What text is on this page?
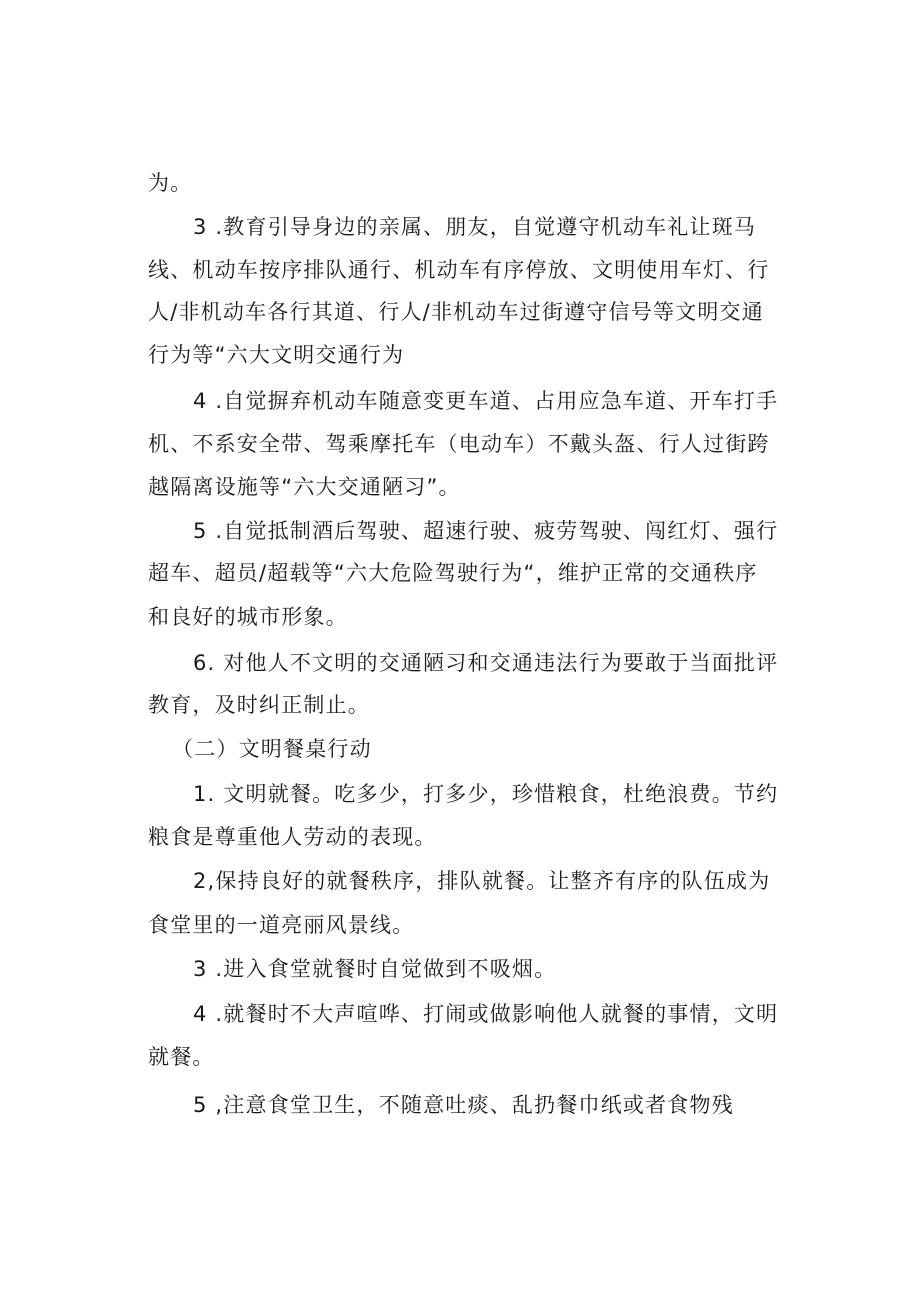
为。
3 .教育引导身边的亲属、朋友，自觉遵守机动车礼让斑马
线、机动车按序排队通行、机动车有序停放、文明使用车灯、行
人/非机动车各行其道、行人/非机动车过街遵守信号等文明交通
行为等“六大文明交通行为
4 .自觉摒弃机动车随意变更车道、占用应急车道、开车打手
机、不系安全带、驾乘摩托车（电动车）不戴头盔、行人过街跨
越隔离设施等“六大交通陋习”。
5 .自觉抵制酒后驾驶、超速行驶、疲劳驾驶、闯红灯、强行
超车、超员/超载等“六大危险驾驶行为“，维护正常的交通秩序
和良好的城市形象。
6. 对他人不文明的交通陋习和交通违法行为要敢于当面批评
教育，及时纠正制止。
（二）文明餐桌行动
1. 文明就餐。吃多少，打多少，珍惜粮食，杜绝浪费。节约
粮食是尊重他人劳动的表现。
2,保持良好的就餐秩序，排队就餐。让整齐有序的队伍成为
食堂里的一道亮丽风景线。
3 .进入食堂就餐时自觉做到不吸烟。
4 .就餐时不大声喧哗、打闹或做影响他人就餐的事情，文明
就餐。
5 ,注意食堂卫生，不随意吐痰、乱扔餐巾纸或者食物残
